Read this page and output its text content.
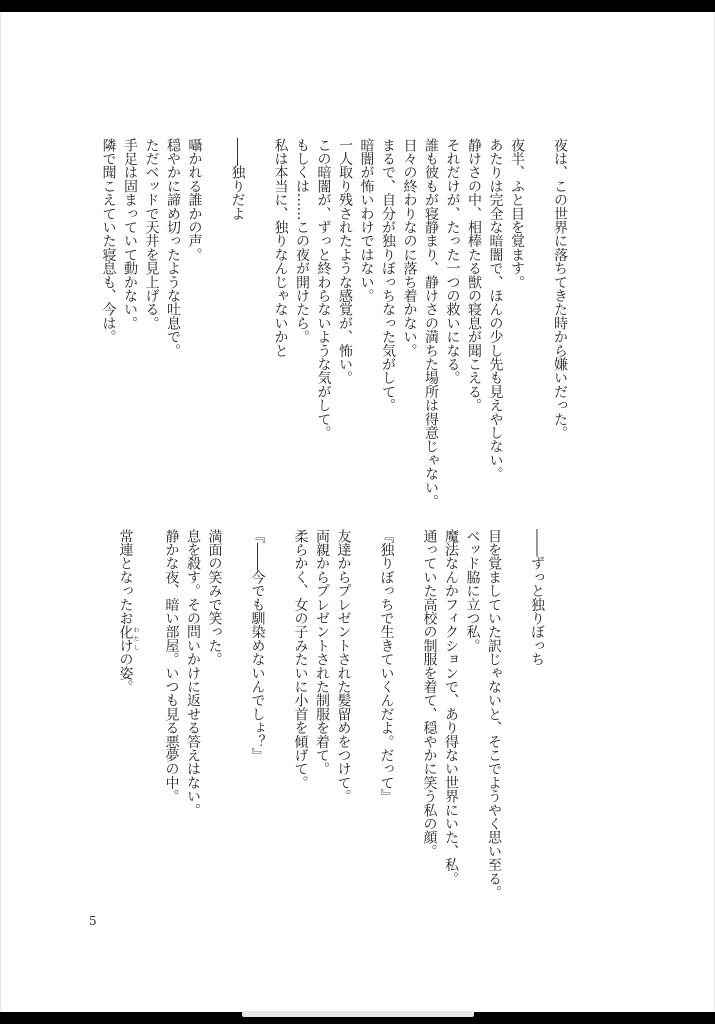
夜は、この世界に落ちてきた時から嫌いだった。

夜半、ふと目を覚ます。
あたりは完全な暗闇で、ほんの少し先も見えやしない。
静けさの中、相棒たる獣の寝息が聞こえる。
それだけが、たった一つの救いになる。
誰も彼もが寝静まり、静けさの満ちた場所は得意じゃない。
日々の終わりなのに落ち着かない。
まるで、自分が独りぼっちなった気がして。
暗闇が怖いわけではない。
一人取り残されたような感覚が、怖い。
この暗闇が、ずっと終わらないような気がして。
もしくは……この夜が開けたら。
私は本当に、独りなんじゃないかと

――独りだよ

囁かれる誰かの声。
穏やかに諦め切ったような吐息で。
ただベッドで天井を見上げる。
手足は固まっていて動かない。
隣で聞こえていた寝息も、今は。
――ずっと独りぼっち

目を覚ましていた訳じゃないと、そこでようやく思い至る。
ベッド脇に立つ私。
魔法なんかフィクションで、あり得ない世界にいた、私。
通っていた高校の制服を着て、穏やかに笑う私の顔。

『独りぼっちで生きていくんだよ。だって』

友達からプレゼントされた髪留めをつけて。
両親からプレゼントされた制服を着て。
柔らかく、女の子みたいに小首を傾げて。

『――今でも馴染めないんでしょ？』

満面の笑みで笑った。
息を殺す。その問いかけに返せる答えはない。
静かな夜、暗い部屋。いつも見る悪夢の中。

常連となったお化けわたしの姿。
5
